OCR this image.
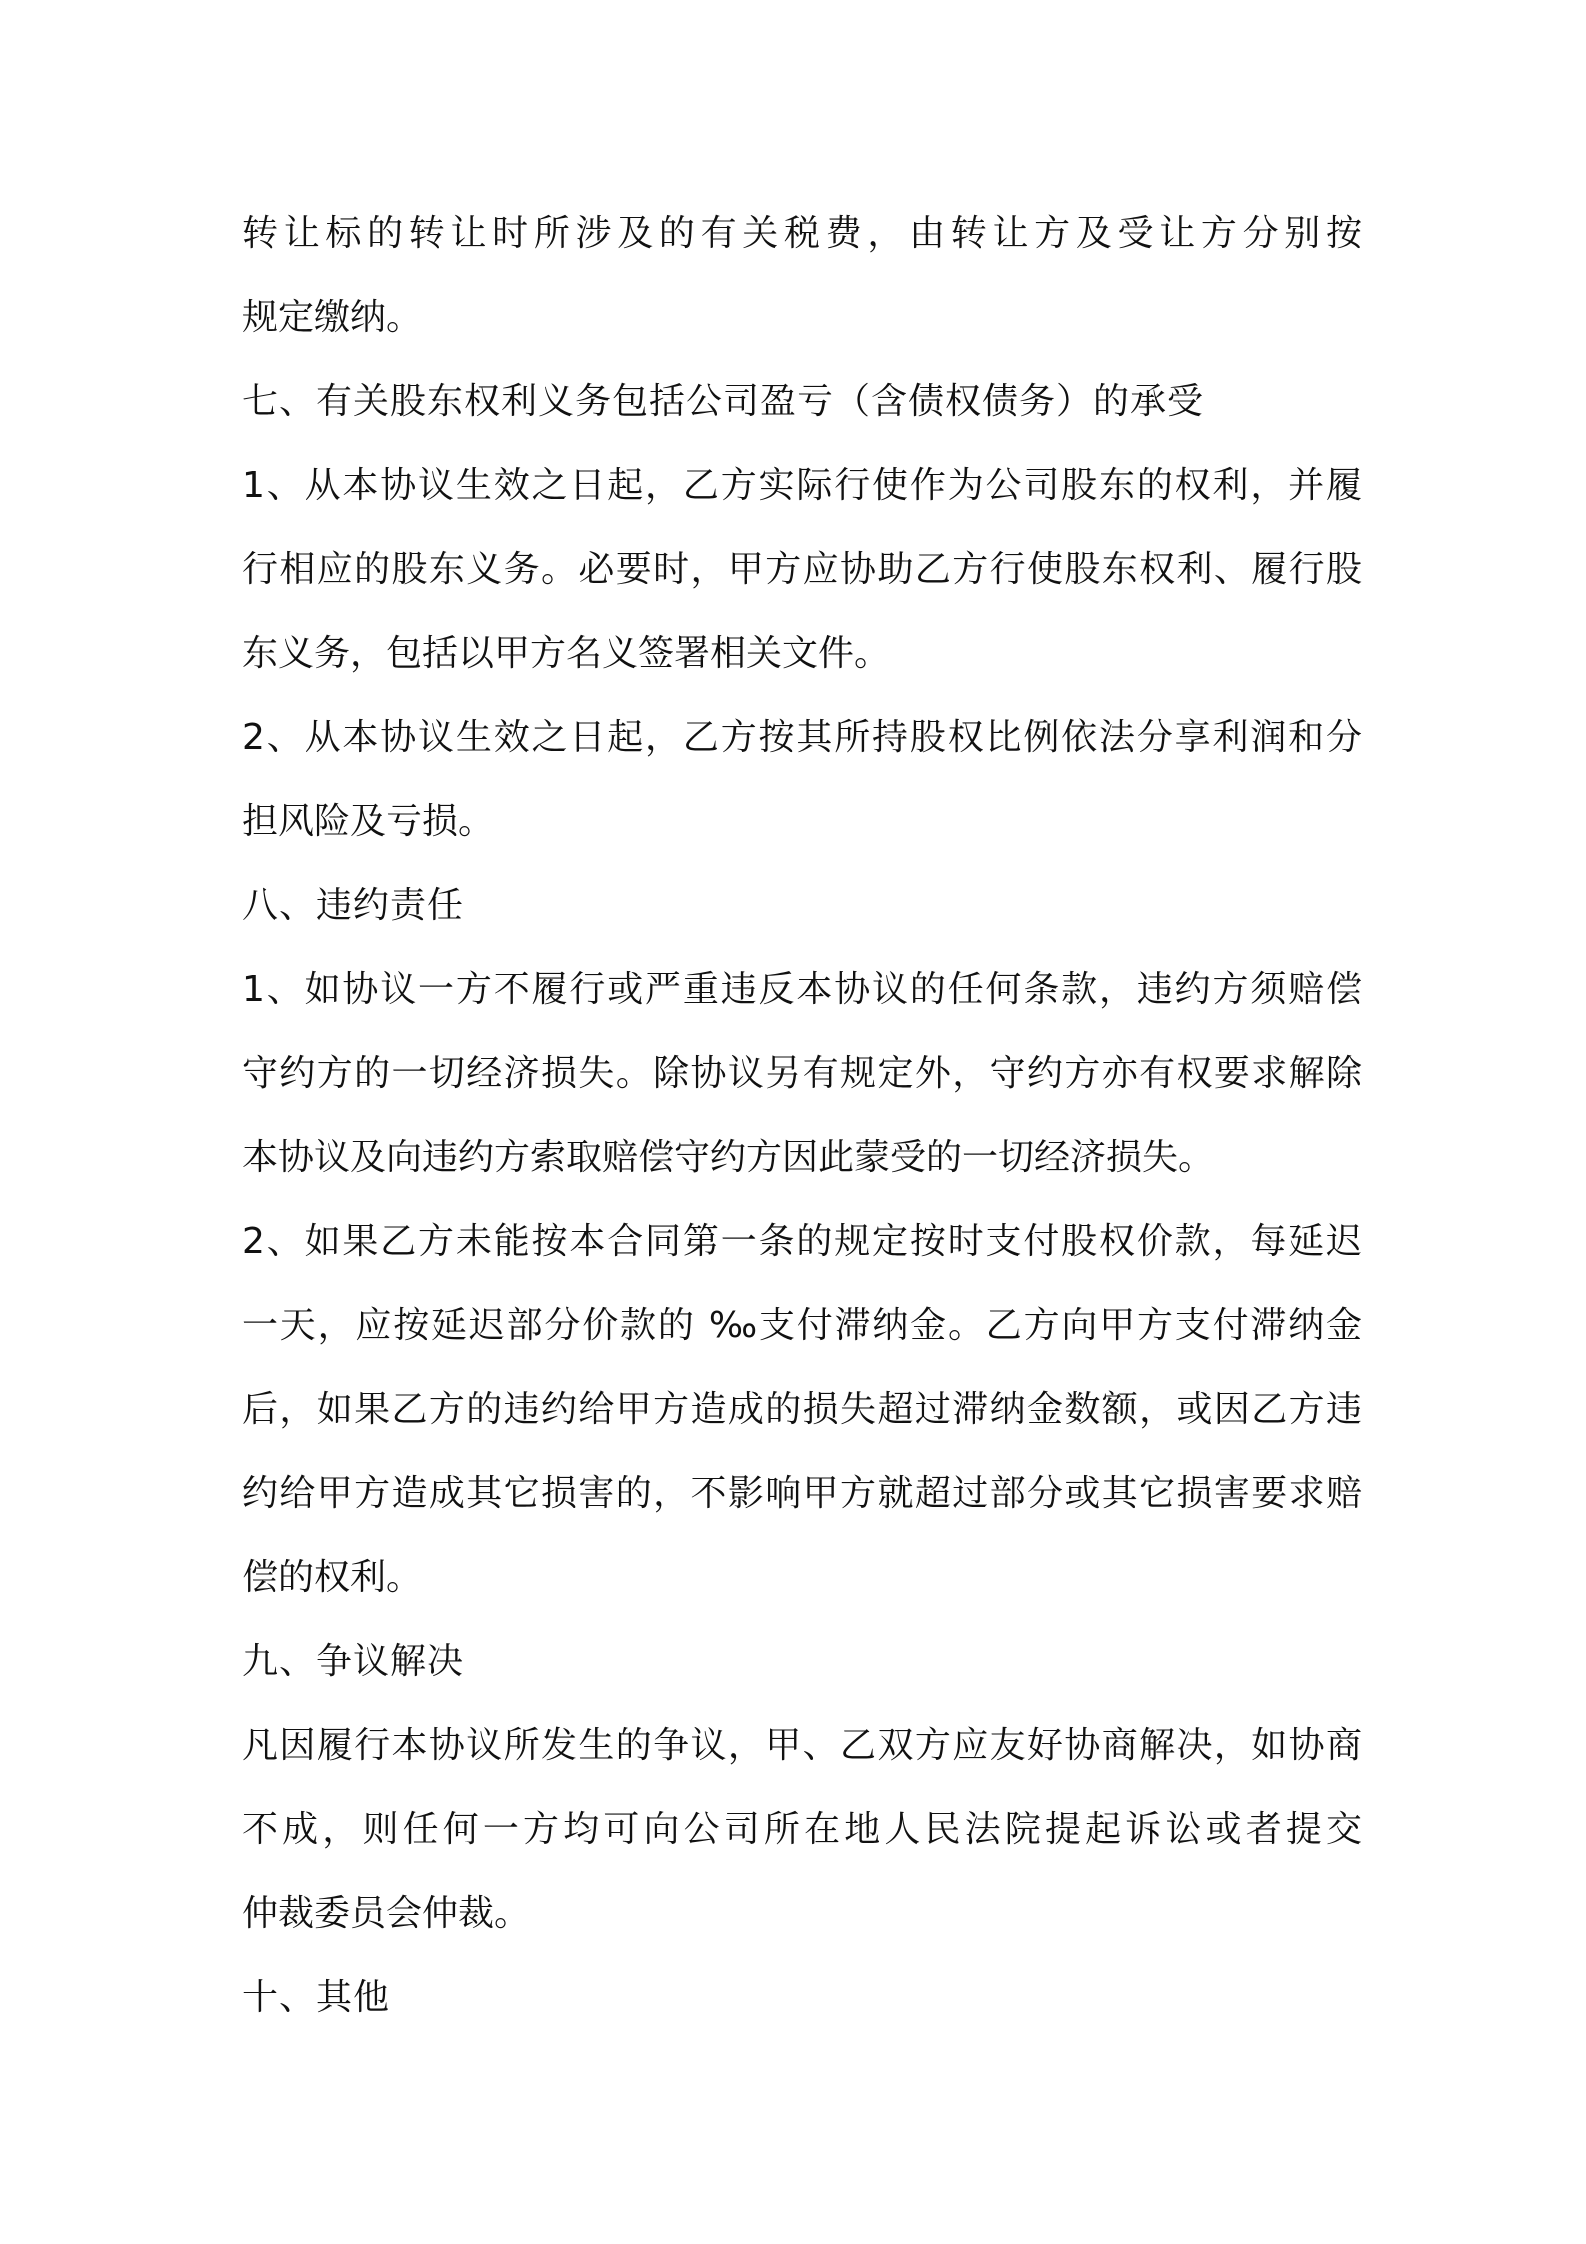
转让标的转让时所涉及的有关税费，由转让方及受让方分别按
规定缴纳。
七、有关股东权利义务包括公司盈亏（含债权债务）的承受
1、从本协议生效之日起，乙方实际行使作为公司股东的权利，并履
行相应的股东义务。必要时，甲方应协助乙方行使股东权利、履行股
东义务，包括以甲方名义签署相关文件。
2、从本协议生效之日起，乙方按其所持股权比例依法分享利润和分
担风险及亏损。
八、违约责任
1、如协议一方不履行或严重违反本协议的任何条款，违约方须赔偿
守约方的一切经济损失。除协议另有规定外，守约方亦有权要求解除
本协议及向违约方索取赔偿守约方因此蒙受的一切经济损失。
2、如果乙方未能按本合同第一条的规定按时支付股权价款，每延迟
一天，应按延迟部分价款的 ‰支付滞纳金。乙方向甲方支付滞纳金
后，如果乙方的违约给甲方造成的损失超过滞纳金数额，或因乙方违
约给甲方造成其它损害的，不影响甲方就超过部分或其它损害要求赔
偿的权利。
九、争议解决
凡因履行本协议所发生的争议，甲、乙双方应友好协商解决，如协商
不成，则任何一方均可向公司所在地人民法院提起诉讼或者提交
仲裁委员会仲裁。
十、其他
